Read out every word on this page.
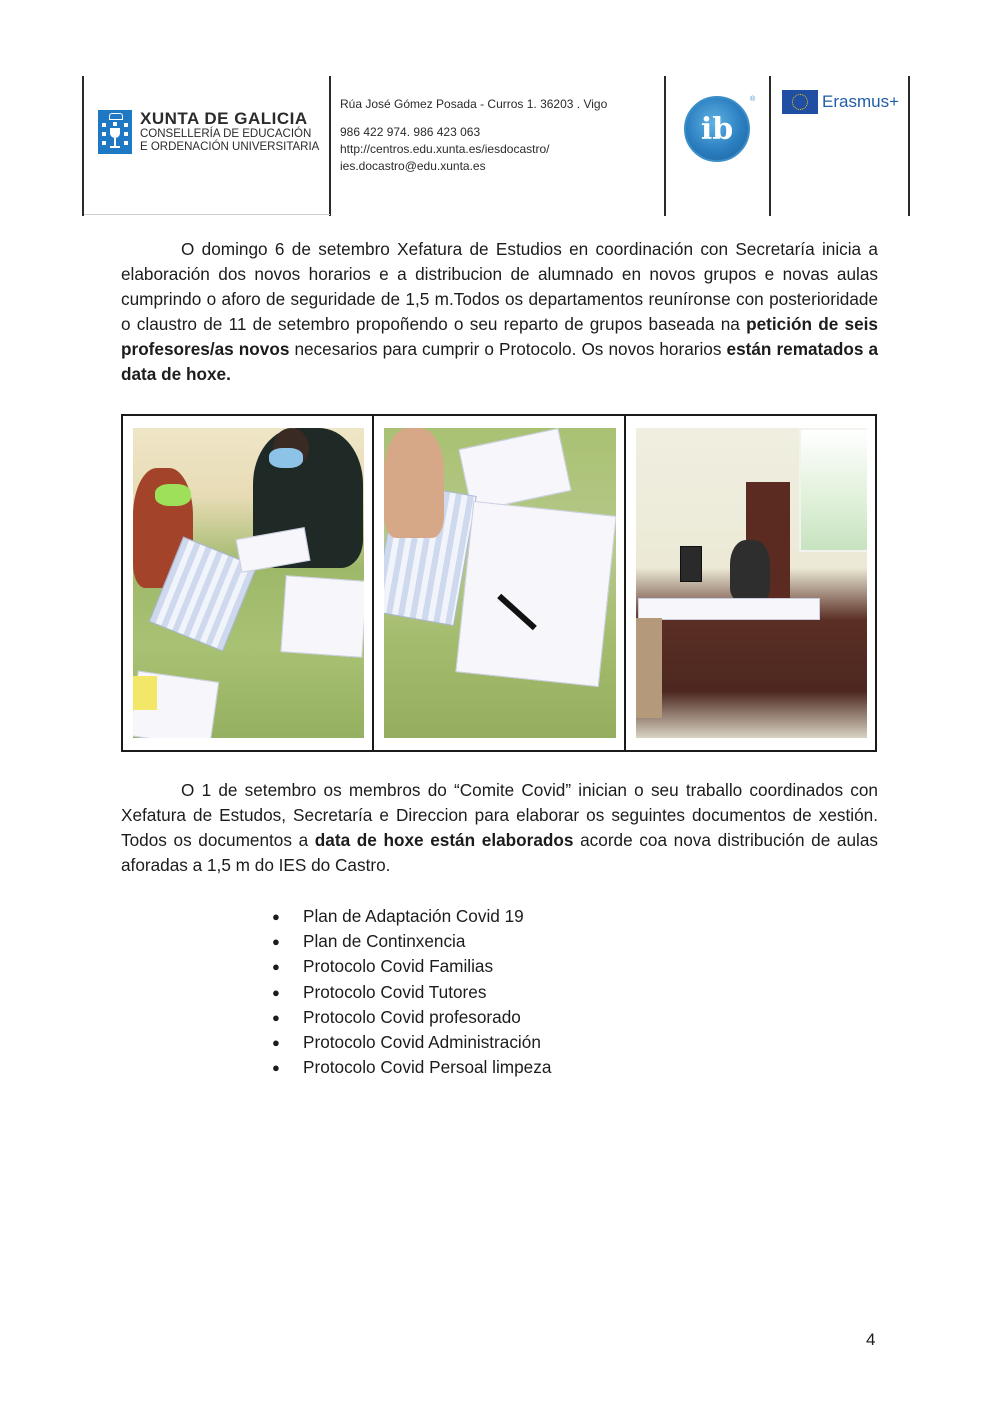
XUNTA DE GALICIA
CONSELLERÍA DE EDUCACIÓN
E ORDENACIÓN UNIVERSITARIA
Rúa José Gómez Posada - Curros 1. 36203 . Vigo
986 422 974. 986 423 063
http://centros.edu.xunta.es/iesdocastro/
ies.docastro@edu.xunta.es
ib
®	Erasmus+
O domingo 6 de setembro Xefatura de Estudios en coordinación con Secretaría inicia a elaboración dos novos horarios e a distribucion de alumnado en novos grupos e novas aulas cumprindo o aforo de seguridade de 1,5 m.Todos os departamentos reuníronse con posterioridade o claustro de 11 de setembro propoñendo o seu reparto de grupos baseada na petición de seis profesores/as novos necesarios para cumprir o Protocolo. Os novos horarios están rematados a data de hoxe.
O 1 de setembro os membros do “Comite Covid” inician o seu traballo coordinados con Xefatura de Estudos, Secretaría e Direccion para elaborar os seguintes documentos de xestión. Todos os documentos a data de hoxe están elaborados acorde coa nova distribución de aulas aforadas a 1,5 m do IES do Castro.
●	Plan de Adaptación Covid 19
●	Plan de Continxencia
●	Protocolo Covid Familias
●	Protocolo Covid Tutores
●	Protocolo Covid profesorado
●	Protocolo Covid Administración
●	Protocolo Covid Persoal limpeza
4
